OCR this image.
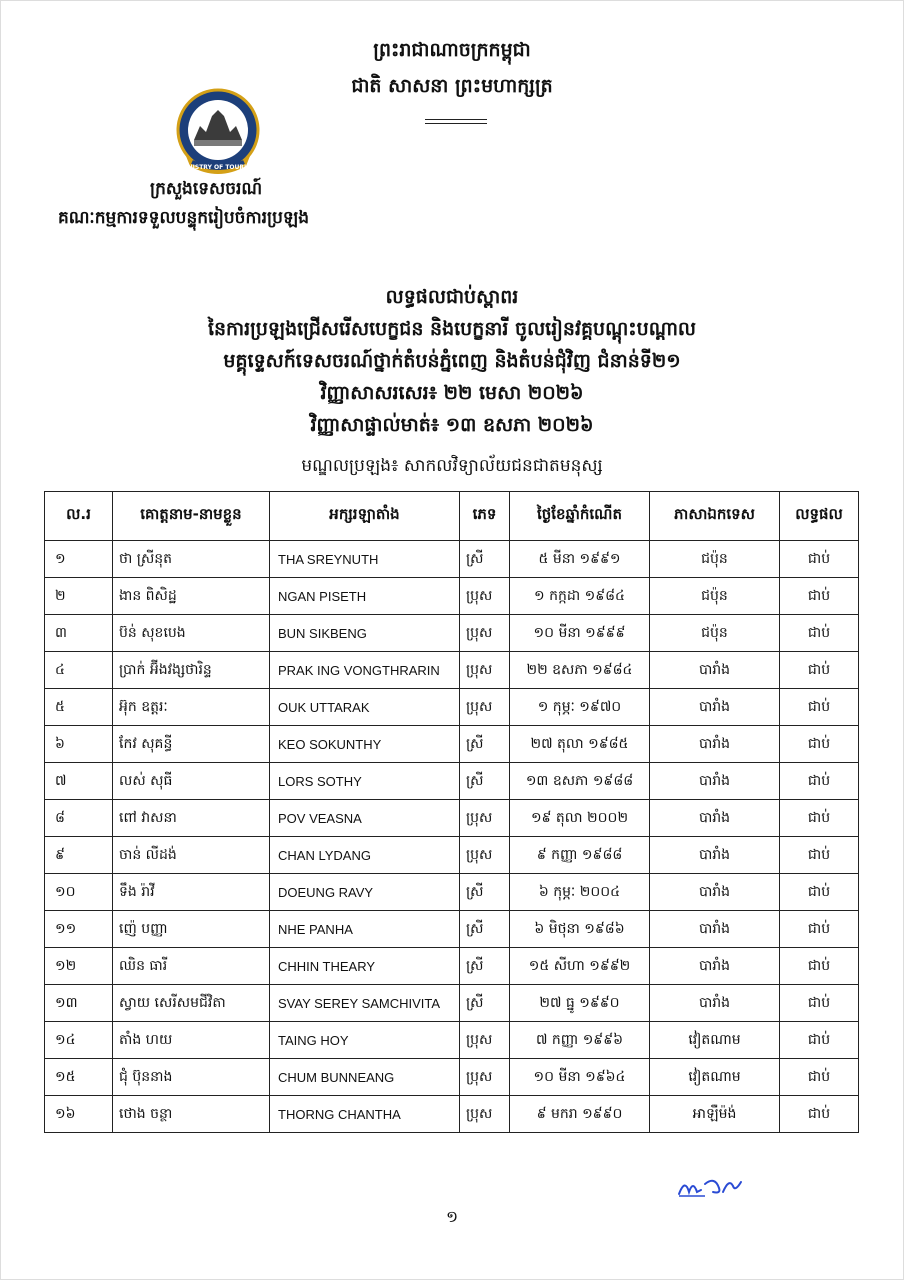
ព្រះរាជាណាចក្រកម្ពុជា
ជាតិ សាសនា ព្រះមហាក្សត្រ
MINISTRY OF TOURISM
ក្រសួងទេសចរណ៍
គណៈកម្មការទទួលបន្ទុករៀបចំការប្រឡង
លទ្ធផលជាប់ស្ពាពរ
នៃការប្រឡងជ្រើសរើសបេក្ខជន និងបេក្ខនារី ចូលរៀនវគ្គបណ្តុះបណ្តាល
មគ្គុទ្ទេសក៍ទេសចរណ៍ថ្នាក់តំបន់ភ្នំពេញ និងតំបន់ជុំវិញ ជំនាន់ទី២១
វិញ្ញាសាសរសេរ៖ ២២ មេសា ២០២៦
វិញ្ញាសាផ្ទាល់មាត់៖ ១៣ ឧសភា ២០២៦
មណ្ឌលប្រឡង៖ សាកលវិទ្យាល័យជនជាតមនុស្ស
ល.រ	គោត្តនាម-នាមខ្លួន	អក្សរឡាតាំង	ភេទ	ថ្ងៃខែឆ្នាំកំណើត	ភាសាឯកទេស	លទ្ធផល
១	ថា ស្រីនុត	THA SREYNUTH	ស្រី	៥ មីនា ១៩៩១	ជប៉ុន	ជាប់
២	ងាន ពិសិដ្ឋ	NGAN PISETH	ប្រុស	១ កក្កដា ១៩៨៤	ជប៉ុន	ជាប់
៣	ប៊ន់ សុខបេង	BUN SIKBENG	ប្រុស	១០ មីនា ១៩៩៩	ជប៉ុន	ជាប់
៤	ប្រាក់ អ៊ីងវង្សថារិន្ទ	PRAK ING VONGTHRARIN	ប្រុស	២២ ឧសភា ១៩៨៤	បារាំង	ជាប់
៥	អ៊ុក ឧត្តរៈ	OUK UTTARAK	ប្រុស	១ កុម្ភៈ ១៩៧០	បារាំង	ជាប់
៦	កែវ សុគន្ធី	KEO SOKUNTHY	ស្រី	២៧ តុលា ១៩៨៥	បារាំង	ជាប់
៧	លស់ សុធី	LORS SOTHY	ស្រី	១៣ ឧសភា ១៩៨៨	បារាំង	ជាប់
៨	ពៅ វាសនា	POV VEASNA	ប្រុស	១៩ តុលា ២០០២	បារាំង	ជាប់
៩	ចាន់ លីដង់	CHAN LYDANG	ប្រុស	៩ កញ្ញា ១៩៨៨	បារាំង	ជាប់
១០	ទឹង រ៉ាវី	DOEUNG RAVY	ស្រី	៦ កុម្ភៈ ២០០៤	បារាំង	ជាប់
១១	ញ៉េ បញ្ញា	NHE PANHA	ស្រី	៦ មិថុនា ១៩៨៦	បារាំង	ជាប់
១២	ឈិន ធារី	CHHIN THEARY	ស្រី	១៥ សីហា ១៩៩២	បារាំង	ជាប់
១៣	ស្វាយ សេរីសមជីវិតា	SVAY SEREY SAMCHIVITA	ស្រី	២៧ ធ្នូ ១៩៩០	បារាំង	ជាប់
១៤	តាំង ហយ	TAING HOY	ប្រុស	៧ កញ្ញា ១៩៩៦	វៀតណាម	ជាប់
១៥	ជុំ ប៊ុននាង	CHUM BUNNEANG	ប្រុស	១០ មីនា ១៩៦៤	វៀតណាម	ជាប់
១៦	ថោង ចន្ថា	THORNG CHANTHA	ប្រុស	៩ មករា ១៩៩០	អាឡឺម៉ង់	ជាប់
១
